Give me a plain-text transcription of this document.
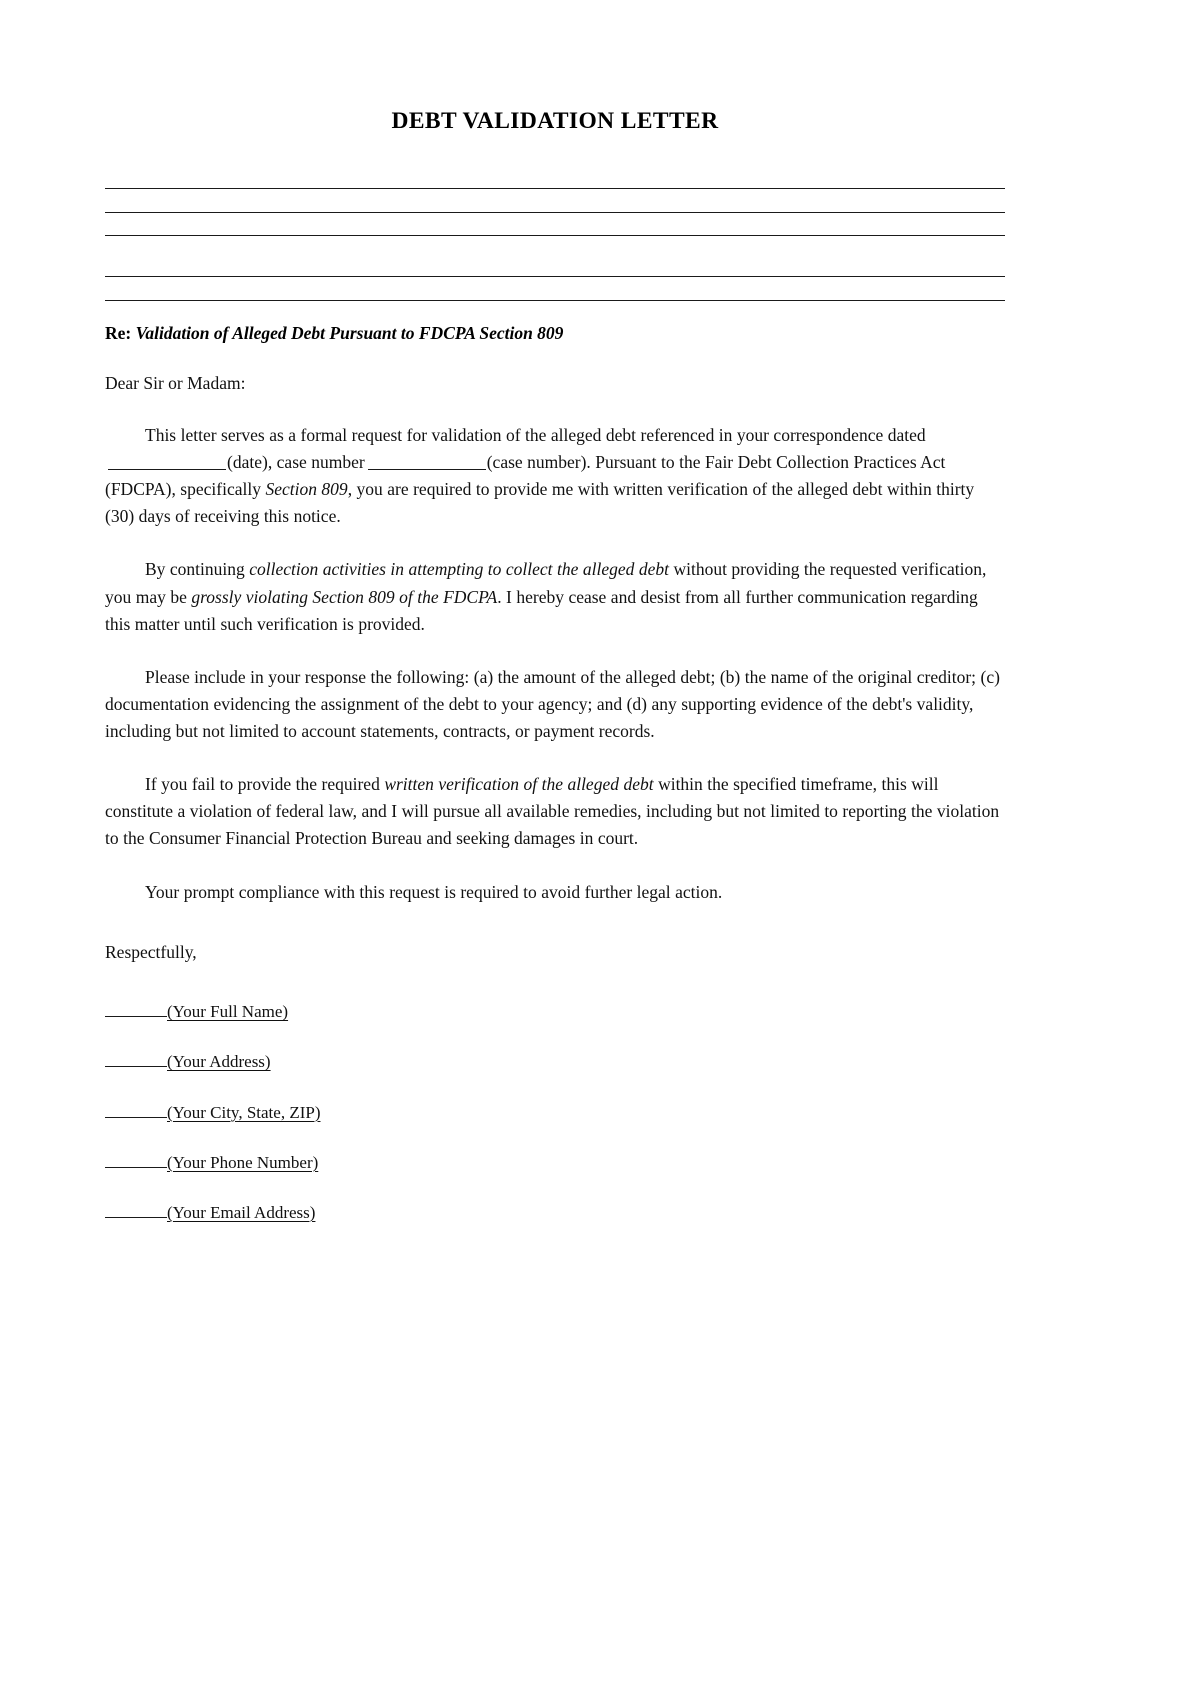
DEBT VALIDATION LETTER

Re: Validation of Alleged Debt Pursuant to FDCPA Section 809

Dear Sir or Madam:

This letter serves as a formal request for validation of the alleged debt referenced in your correspondence dated(date), case number	(case number). Pursuant to the Fair Debt Collection Practices Act (FDCPA), specifically Section 809, you are required to provide me with written verification of the alleged debt within thirty (30) days of receiving this notice.

By continuing collection activities in attempting to collect the alleged debt without providing the requested verification, you may be grossly violating Section 809 of the FDCPA. I hereby cease and desist from all further communication regarding this matter until such verification is provided.

Please include in your response the following: (a) the amount of the alleged debt; (b) the name of the original creditor; (c) documentation evidencing the assignment of the debt to your agency; and (d) any supporting evidence of the debt's validity, including but not limited to account statements, contracts, or payment records.

If you fail to provide the required written verification of the alleged debt within the specified timeframe, this will constitute a violation of federal law, and I will pursue all available remedies, including but not limited to reporting the violation to the Consumer Financial Protection Bureau and seeking damages in court.

Your prompt compliance with this request is required to avoid further legal action.

Respectfully,

(Your Full Name)
(Your Address)
(Your City, State, ZIP)
(Your Phone Number)
(Your Email Address)
